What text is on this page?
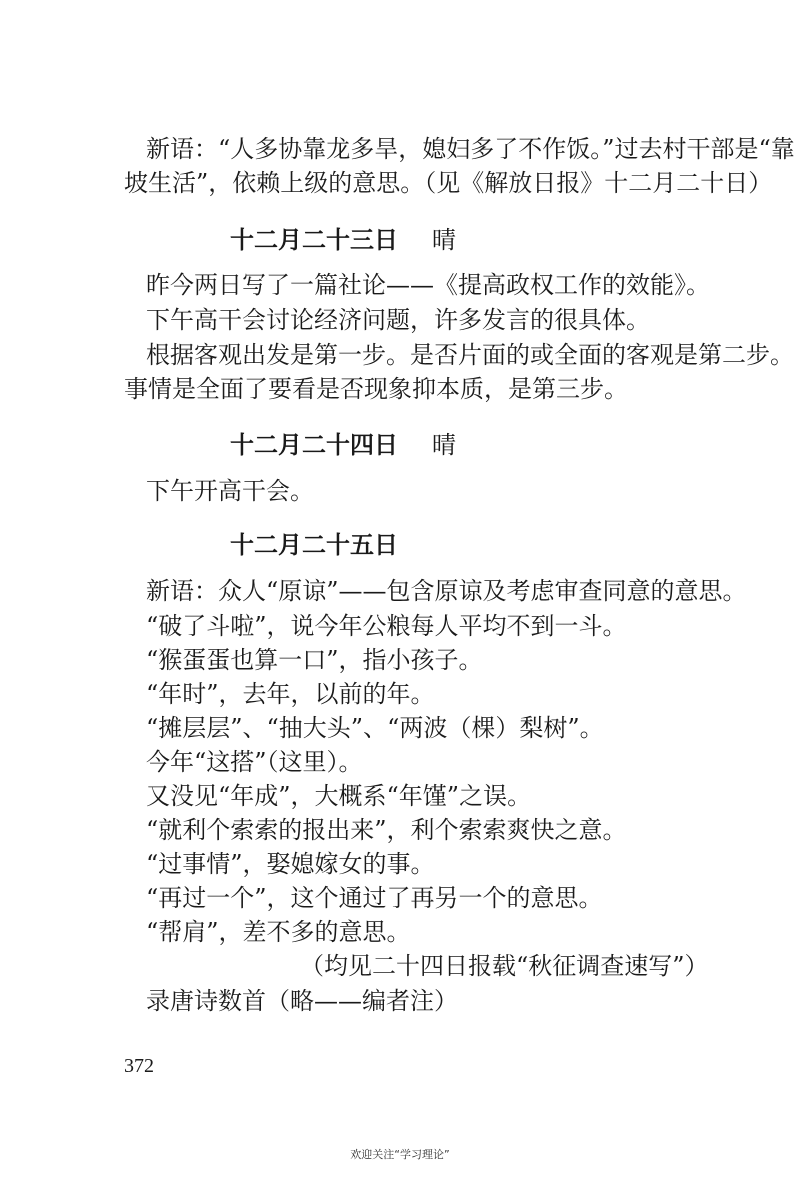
新语：“人多协靠龙多旱，媳妇多了不作饭。”过去村干部是“靠
坡生活”，依赖上级的意思。（见《解放日报》十二月二十日）
十二月二十三日 晴
昨今两日写了一篇社论——《提高政权工作的效能》。
下午高干会讨论经济问题，许多发言的很具体。
根据客观出发是第一步。是否片面的或全面的客观是第二步。
事情是全面了要看是否现象抑本质，是第三步。
十二月二十四日 晴
下午开高干会。
十二月二十五日
新语：众人“原谅”——包含原谅及考虑审查同意的意思。
“破了斗啦”，说今年公粮每人平均不到一斗。
“猴蛋蛋也算一口”，指小孩子。
“年时”，去年，以前的年。
“摊层层”、“抽大头”、“两波（棵）梨树”。
今年“这搭”（这里）。
又没见“年成”，大概系“年馑”之误。
“就利个索索的报出来”，利个索索爽快之意。
“过事情”，娶媳嫁女的事。
“再过一个”，这个通过了再另一个的意思。
“帮肩”，差不多的意思。
（均见二十四日报载“秋征调查速写”）
录唐诗数首（略——编者注）
372
欢迎关注“学习理论”
